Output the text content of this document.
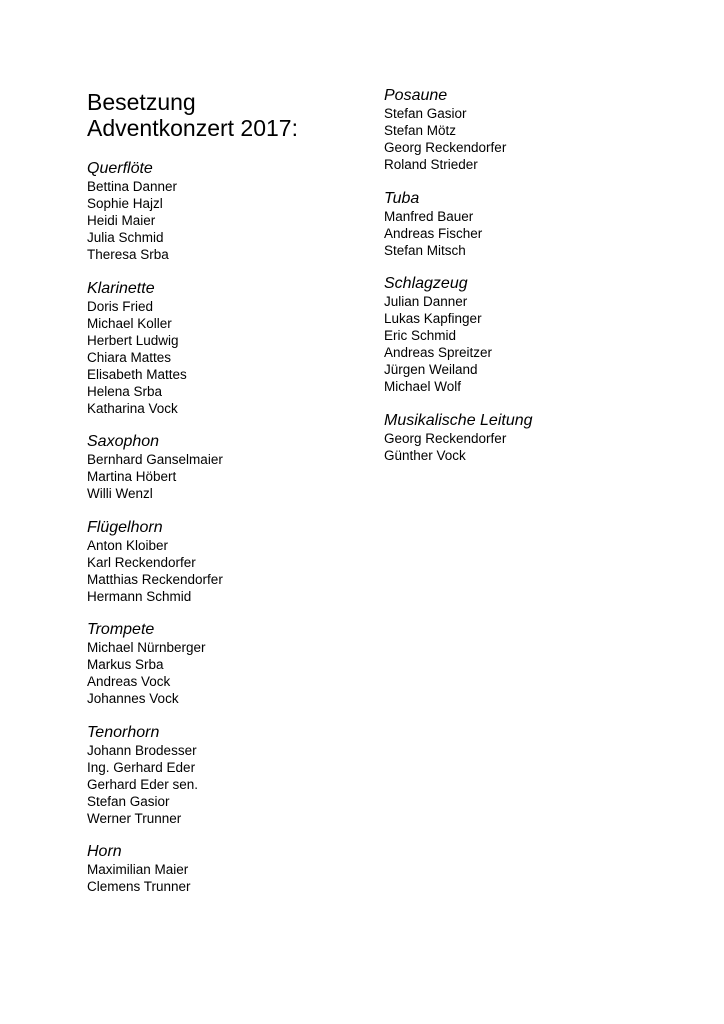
Besetzung
Adventkonzert 2017:
Querflöte
Bettina Danner
Sophie Hajzl
Heidi Maier
Julia Schmid
Theresa Srba
Klarinette
Doris Fried
Michael Koller
Herbert Ludwig
Chiara Mattes
Elisabeth Mattes
Helena Srba
Katharina Vock
Saxophon
Bernhard Ganselmaier
Martina Höbert
Willi Wenzl
Flügelhorn
Anton Kloiber
Karl Reckendorfer
Matthias Reckendorfer
Hermann Schmid
Trompete
Michael Nürnberger
Markus Srba
Andreas Vock
Johannes Vock
Tenorhorn
Johann Brodesser
Ing. Gerhard Eder
Gerhard Eder sen.
Stefan Gasior
Werner Trunner
Horn
Maximilian Maier
Clemens Trunner
Posaune
Stefan Gasior
Stefan Mötz
Georg Reckendorfer
Roland Strieder
Tuba
Manfred Bauer
Andreas Fischer
Stefan Mitsch
Schlagzeug
Julian Danner
Lukas Kapfinger
Eric Schmid
Andreas Spreitzer
Jürgen Weiland
Michael Wolf
Musikalische Leitung
Georg Reckendorfer
Günther Vock
